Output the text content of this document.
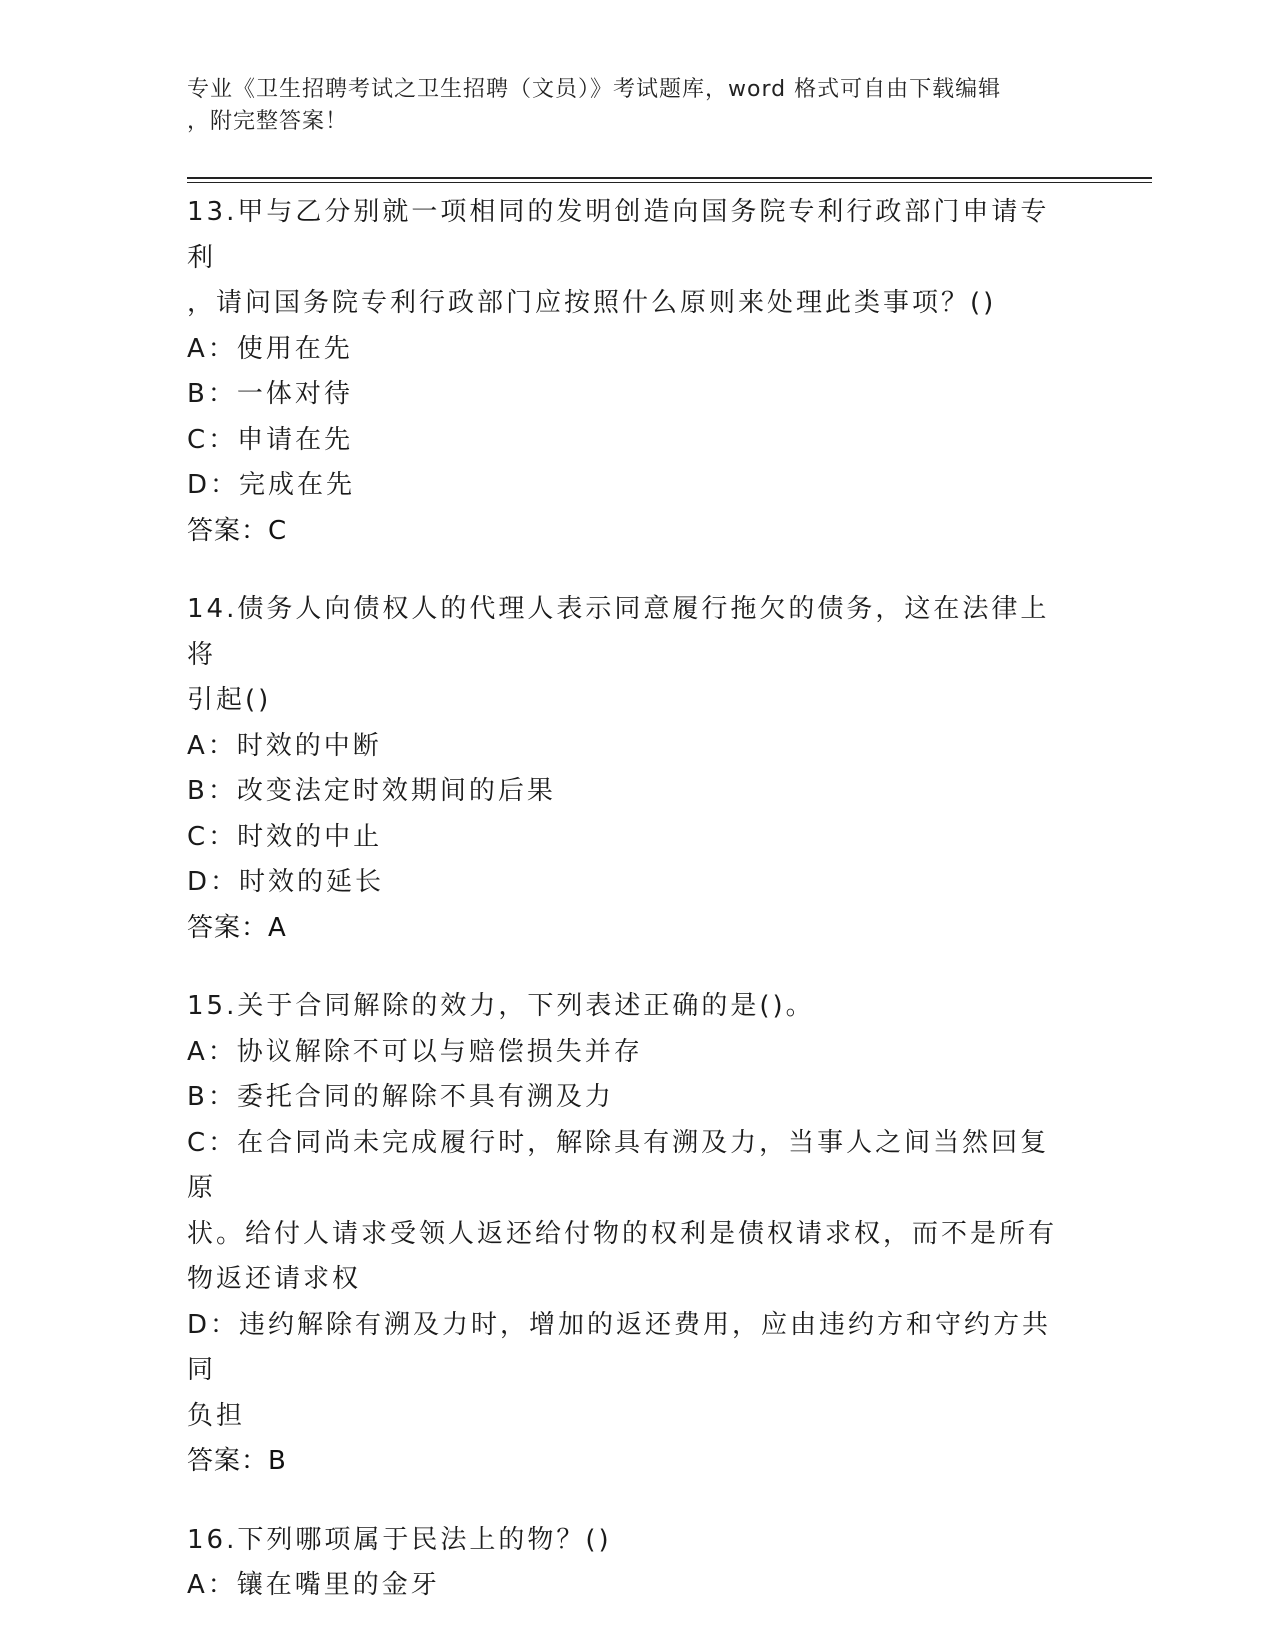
专业《卫生招聘考试之卫生招聘（文员）》考试题库，word 格式可自由下载编辑
，附完整答案！
13.甲与乙分别就一项相同的发明创造向国务院专利行政部门申请专利
，请问国务院专利行政部门应按照什么原则来处理此类事项？()
A：使用在先
B：一体对待
C：申请在先
D：完成在先
答案：C
14.债务人向债权人的代理人表示同意履行拖欠的债务，这在法律上将
引起()
A：时效的中断
B：改变法定时效期间的后果
C：时效的中止
D：时效的延长
答案：A
15.关于合同解除的效力，下列表述正确的是()。
A：协议解除不可以与赔偿损失并存
B：委托合同的解除不具有溯及力
C：在合同尚未完成履行时，解除具有溯及力，当事人之间当然回复原
状。给付人请求受领人返还给付物的权利是债权请求权，而不是所有
物返还请求权
D：违约解除有溯及力时，增加的返还费用，应由违约方和守约方共同
负担
答案：B
16.下列哪项属于民法上的物？()
A：镶在嘴里的金牙
